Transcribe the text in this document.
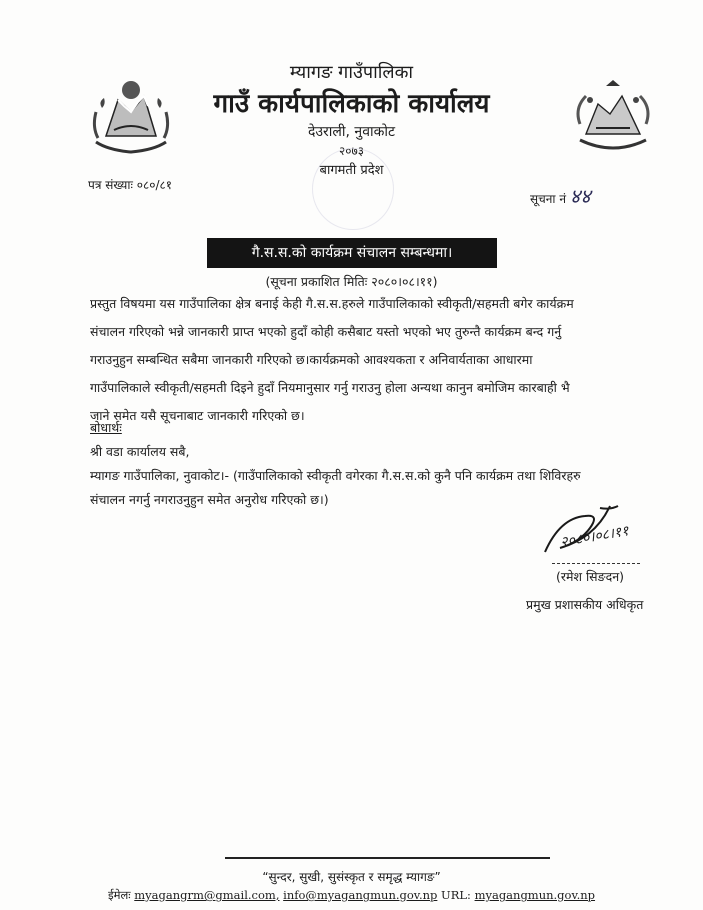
म्यागङ गाउँपालिका
गाउँ कार्यपालिकाको कार्यालय
देउराली, नुवाकोट
२०७३
बागमती प्रदेश
पत्र संख्याः ०८०/८१
सूचना नं ४४
गै.स.स.को कार्यक्रम संचालन सम्बन्धमा।
(सूचना प्रकाशित मितिः २०८०।०८।११)
प्रस्तुत विषयमा यस गाउँपालिका क्षेत्र बनाई केही गै.स.स.हरुले गाउँपालिकाको स्वीकृती/सहमती बगेर कार्यक्रम
संचालन गरिएको भन्ने जानकारी प्राप्त भएको हुदाँ कोही कसैबाट यस्तो भएको भए तुरुन्तै कार्यक्रम बन्द गर्नु
गराउनुहुन सम्बन्धित सबैमा जानकारी गरिएको छ।कार्यक्रमको आवश्यकता र अनिवार्यताका आधारमा
गाउँपालिकाले स्वीकृती/सहमती दिइने हुदाँ नियमानुसार गर्नु गराउनु होला अन्यथा कानुन बमोजिम कारबाही भै
जाने समेत यसै सूचनाबाट जानकारी गरिएको छ।
बोधार्थः
श्री वडा कार्यालय सबै,
म्यागङ गाउँपालिका, नुवाकोट।- (गाउँपालिकाको स्वीकृती वगेरका गै.स.स.को कुनै पनि कार्यक्रम तथा शिविरहरु
संचालन नगर्नु नगराउनुहुन समेत अनुरोध गरिएको छ।)
२०८०।०८।११
(रमेश सिङदन)
प्रमुख प्रशासकीय अधिकृत
“सुन्दर, सुखी, सुसंस्कृत र समृद्ध म्यागङ”
ईमेलः myagangrm@gmail.com, info@myagangmun.gov.np URL: myagangmun.gov.np
